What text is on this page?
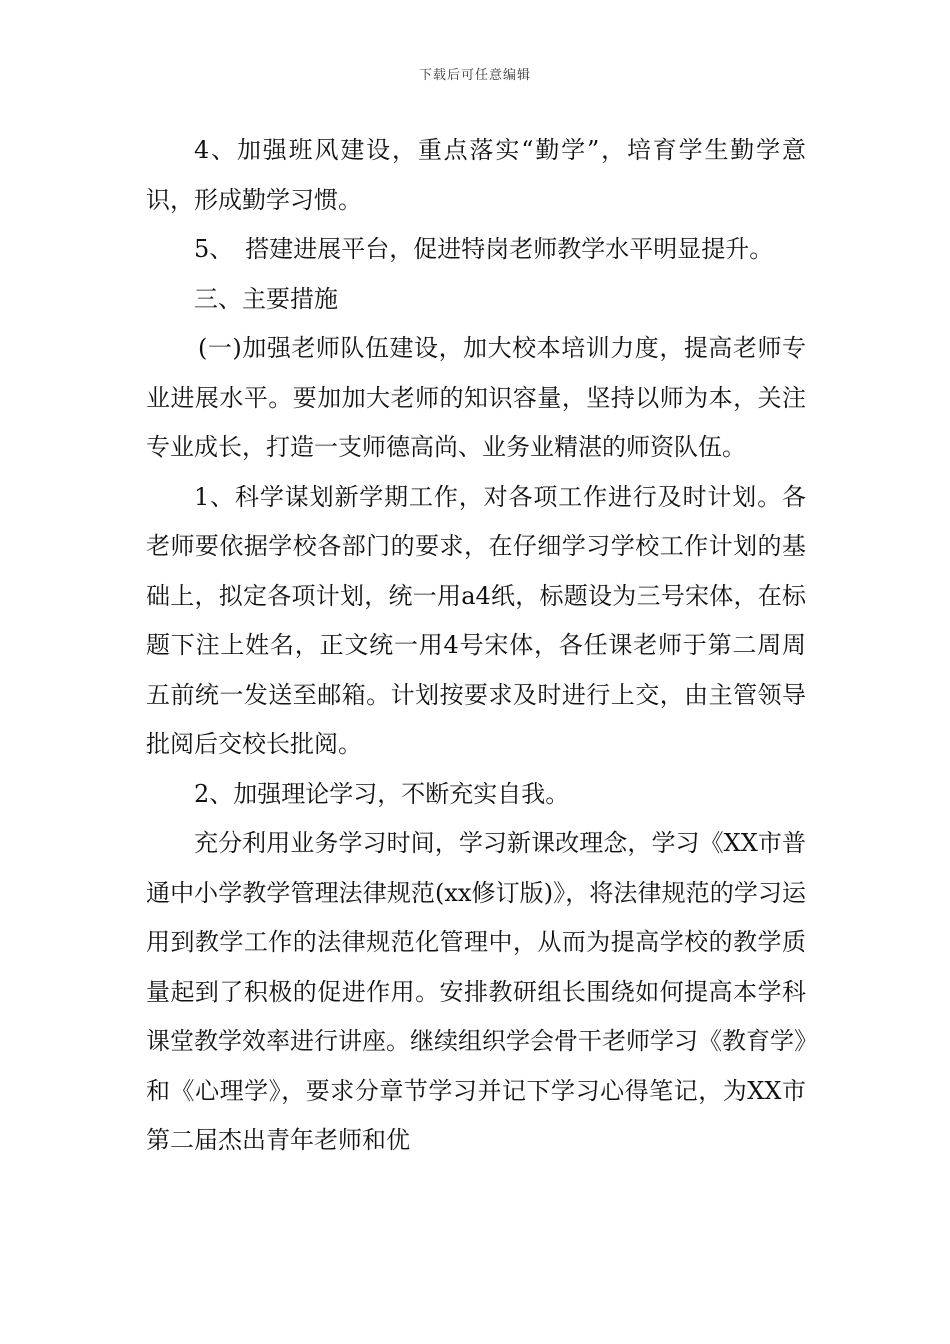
下载后可任意编辑

4、加强班风建设，重点落实“勤学”，培育学生勤学意识，形成勤学习惯。

5、　搭建进展平台，促进特岗老师教学水平明显提升。

三、主要措施

(一)加强老师队伍建设，加大校本培训力度，提高老师专业进展水平。要加加大老师的知识容量，坚持以师为本，关注专业成长，打造一支师德高尚、业务业精湛的师资队伍。

1、科学谋划新学期工作，对各项工作进行及时计划。各老师要依据学校各部门的要求，在仔细学习学校工作计划的基础上，拟定各项计划，统一用a4纸，标题设为三号宋体，在标题下注上姓名，正文统一用4号宋体，各任课老师于第二周周五前统一发送至邮箱。计划按要求及时进行上交，由主管领导批阅后交校长批阅。

2、加强理论学习，不断充实自我。

充分利用业务学习时间，学习新课改理念，学习《XX市普通中小学教学管理法律规范(xx修订版)》，将法律规范的学习运用到教学工作的法律规范化管理中，从而为提高学校的教学质量起到了积极的促进作用。安排教研组长围绕如何提高本学科课堂教学效率进行讲座。继续组织学会骨干老师学习《教育学》和《心理学》，要求分章节学习并记下学习心得笔记，为XX市第二届杰出青年老师和优
